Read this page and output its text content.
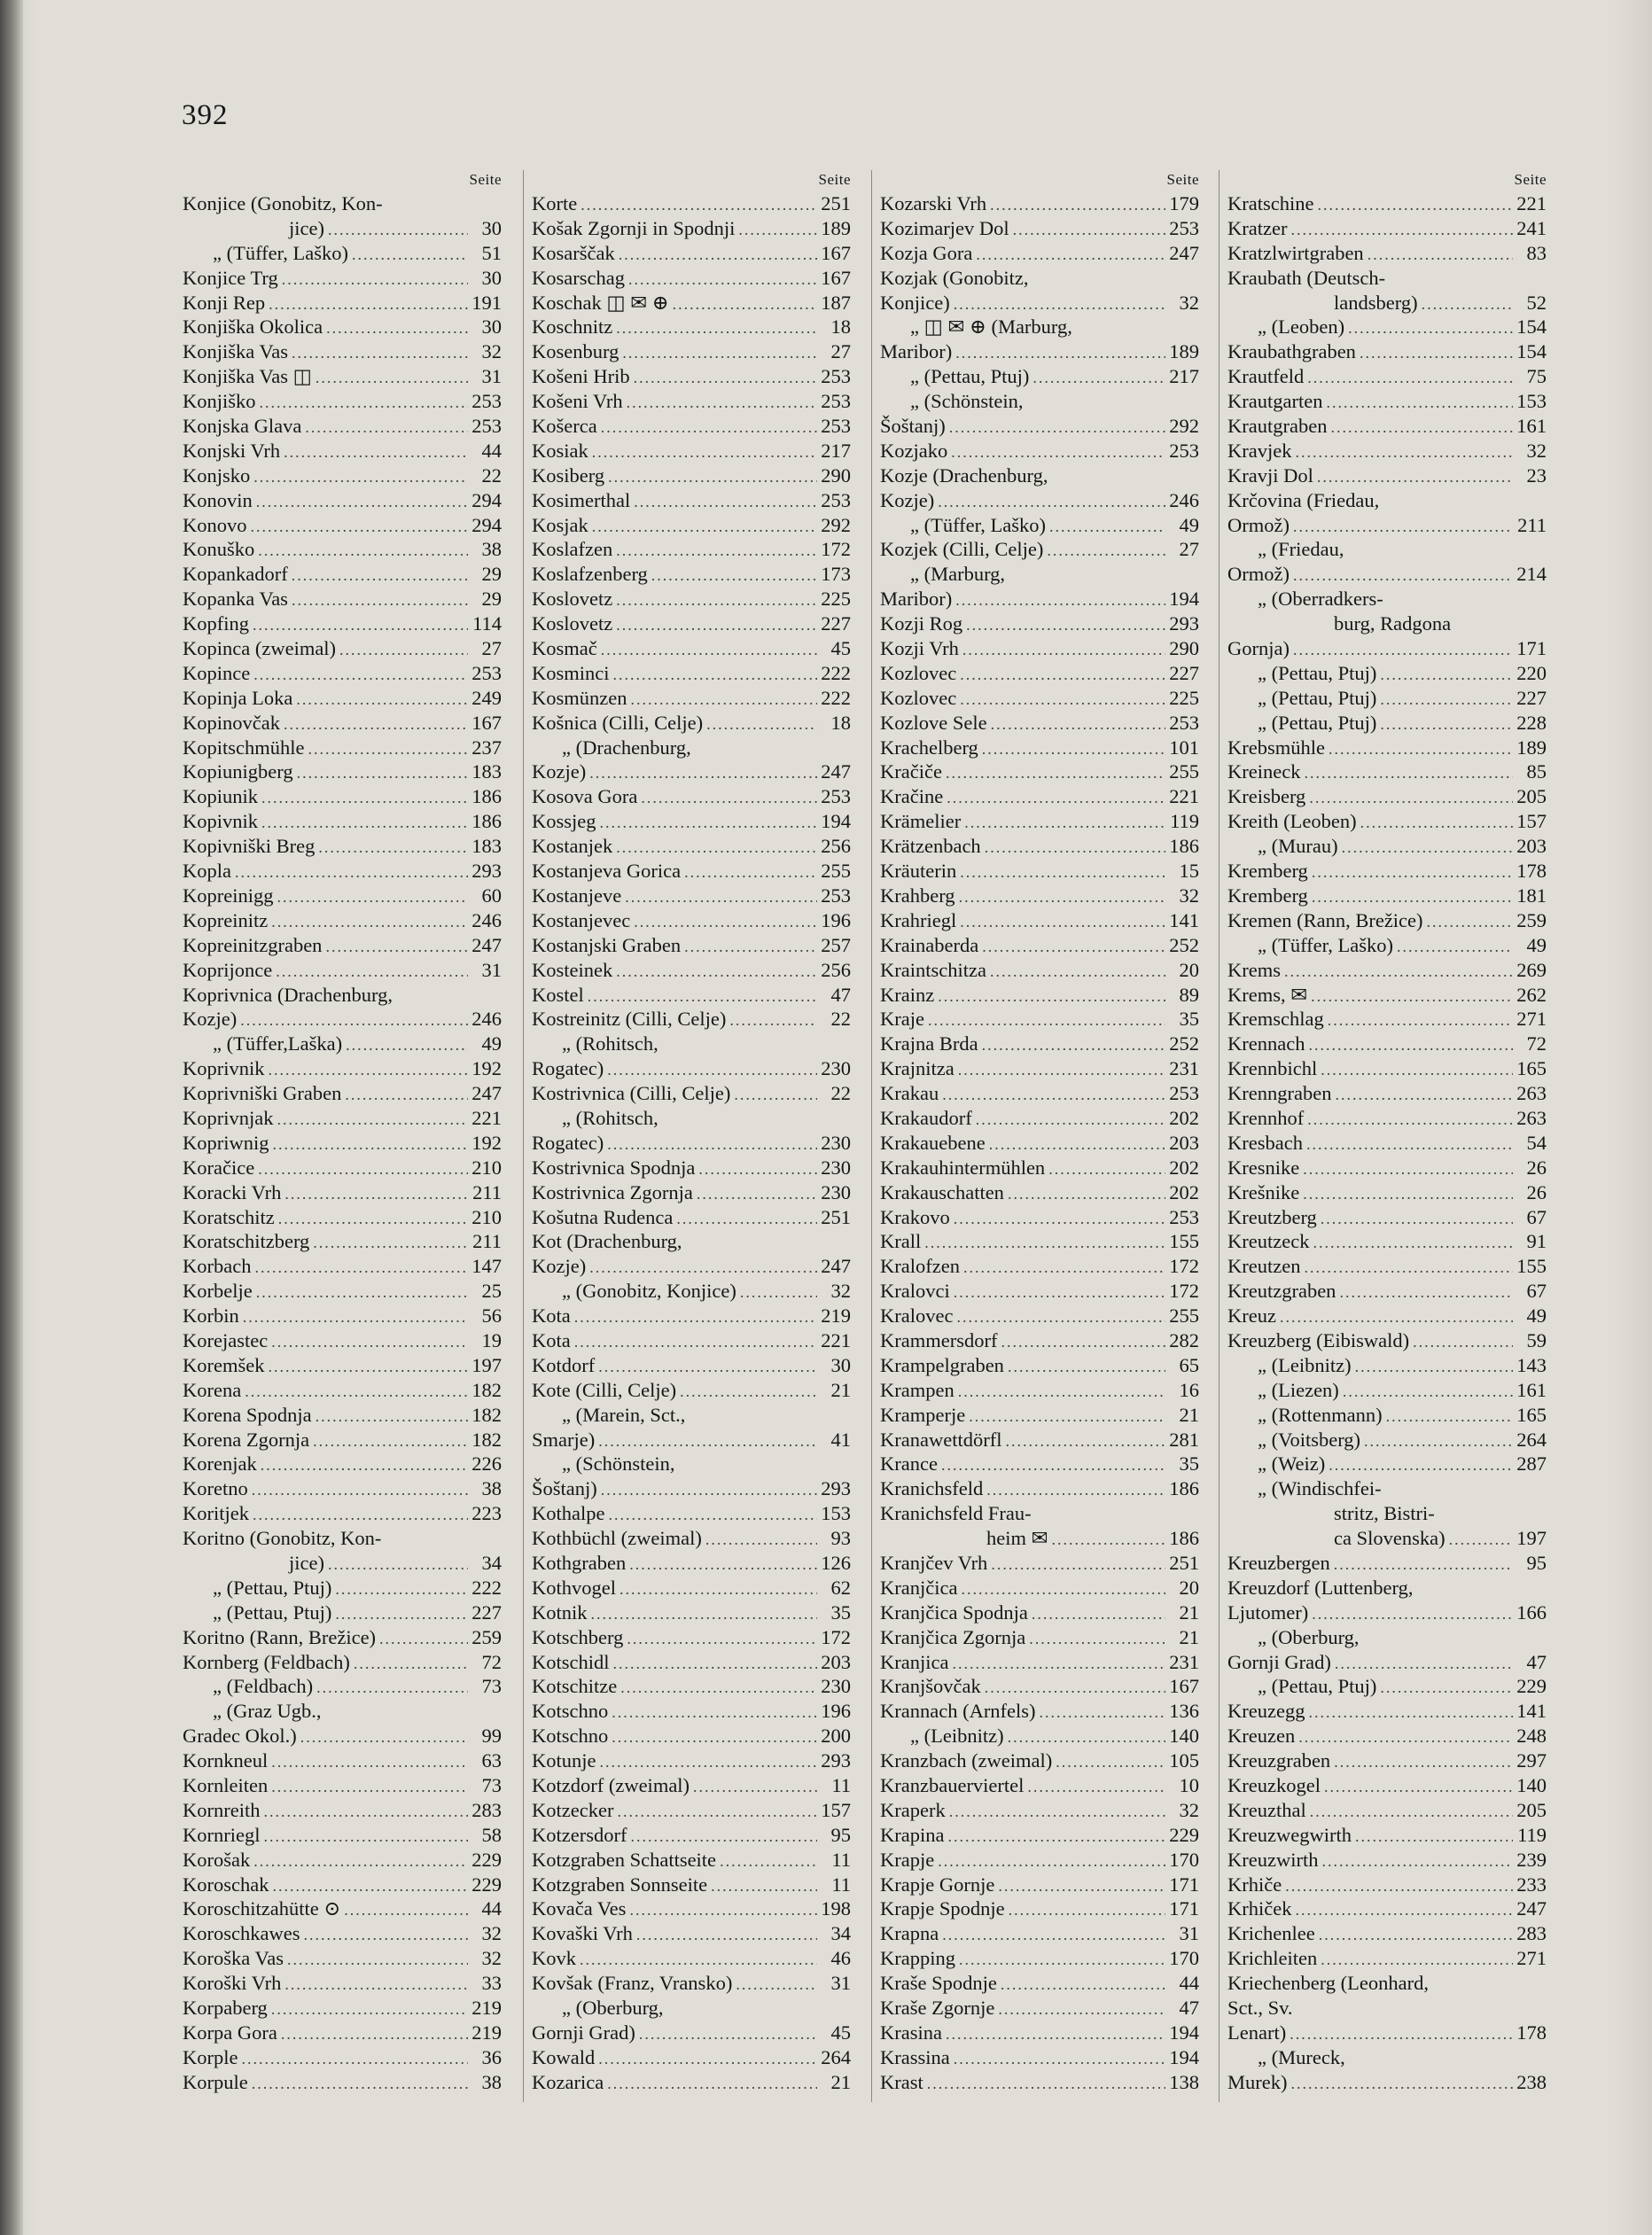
392
Seite
Konjice (Gonobitz, Kon-
jice) .....	30
„ (Tüffer, Laško) .....	51
Konjice Trg .....	30
Konji Rep .....	191
Konjiška Okolica .....	30
Konjiška Vas .....	32
Konjiška Vas ◫ .....	31
Konjiško .....	253
Konjska Glava .....	253
Konjski Vrh .....	44
Konjsko .....	22
Konovin .....	294
Konovo .....	294
Konuško .....	38
Kopankadorf .....	29
Kopanka Vas .....	29
Kopfing .....	114
Kopinca (zweimal) .....	27
Kopince .....	253
Kopinja Loka .....	249
Kopinovčak .....	167
Kopitschmühle .....	237
Kopiunigberg .....	183
Kopiunik .....	186
Kopivnik .....	186
Kopivniški Breg .....	183
Kopla .....	293
Kopreinigg .....	60
Kopreinitz .....	246
Kopreinitzgraben .....	247
Koprijonce .....	31
Koprivnica (Drachenburg,
Kozje) .....	246
„ (Tüffer,Laška) .....	49
Koprivnik .....	192
Koprivniški Graben .....	247
Koprivnjak .....	221
Kopriwnig .....	192
Koračice .....	210
Koracki Vrh .....	211
Koratschitz .....	210
Koratschitzberg .....	211
Korbach .....	147
Korbelje .....	25
Korbin .....	56
Korejastec .....	19
Koremšek .....	197
Korena .....	182
Korena Spodnja .....	182
Korena Zgornja .....	182
Korenjak .....	226
Koretno .....	38
Koritjek .....	223
Koritno (Gonobitz, Kon-
jice) .....	34
„ (Pettau, Ptuj) .....	222
„ (Pettau, Ptuj) .....	227
Koritno (Rann, Brežice) .....	259
Kornberg (Feldbach) .....	72
„ (Feldbach) .....	73
„ (Graz Ugb.,
Gradec Okol.) .....	99
Kornkneul .....	63
Kornleiten .....	73
Kornreith .....	283
Kornriegl .....	58
Korošak .....	229
Koroschak .....	229
Koroschitzahütte ⊙ .....	44
Koroschkawes .....	32
Koroška Vas .....	32
Koroški Vrh .....	33
Korpaberg .....	219
Korpa Gora .....	219
Korple .....	36
Korpule .....	38
Seite
Korte .....	251
Košak Zgornji in Spodnji .....	189
Kosarščak .....	167
Kosarschag .....	167
Koschak ◫ ✉ ⊕ .....	187
Koschnitz .....	18
Kosenburg .....	27
Košeni Hrib .....	253
Košeni Vrh .....	253
Košerca .....	253
Kosiak .....	217
Kosiberg .....	290
Kosimerthal .....	253
Kosjak .....	292
Koslafzen .....	172
Koslafzenberg .....	173
Koslovetz .....	225
Koslovetz .....	227
Kosmač .....	45
Kosminci .....	222
Kosmünzen .....	222
Košnica (Cilli, Celje) .....	18
„ (Drachenburg,
Kozje) .....	247
Kosova Gora .....	253
Kossjeg .....	194
Kostanjek .....	256
Kostanjeva Gorica .....	255
Kostanjeve .....	253
Kostanjevec .....	196
Kostanjski Graben .....	257
Kosteinek .....	256
Kostel .....	47
Kostreinitz (Cilli, Celje) .....	22
„ (Rohitsch,
Rogatec) .....	230
Kostrivnica (Cilli, Celje) .....	22
„ (Rohitsch,
Rogatec) .....	230
Kostrivnica Spodnja .....	230
Kostrivnica Zgornja .....	230
Košutna Rudenca .....	251
Kot (Drachenburg,
Kozje) .....	247
„ (Gonobitz, Konjice) .....	32
Kota .....	219
Kota .....	221
Kotdorf .....	30
Kote (Cilli, Celje) .....	21
„ (Marein, Sct.,
Smarje) .....	41
„ (Schönstein,
Šoštanj) .....	293
Kothalpe .....	153
Kothbüchl (zweimal) .....	93
Kothgraben .....	126
Kothvogel .....	62
Kotnik .....	35
Kotschberg .....	172
Kotschidl .....	203
Kotschitze .....	230
Kotschno .....	196
Kotschno .....	200
Kotunje .....	293
Kotzdorf (zweimal) .....	11
Kotzecker .....	157
Kotzersdorf .....	95
Kotzgraben Schattseite .....	11
Kotzgraben Sonnseite .....	11
Kovača Ves .....	198
Kovaški Vrh .....	34
Kovk .....	46
Kovšak (Franz, Vransko) .....	31
„ (Oberburg,
Gornji Grad) .....	45
Kowald .....	264
Kozarica .....	21
Seite
Kozarski Vrh .....	179
Kozimarjev Dol .....	253
Kozja Gora .....	247
Kozjak (Gonobitz,
Konjice) .....	32
„ ◫ ✉ ⊕ (Marburg,
Maribor) .....	189
„ (Pettau, Ptuj) .....	217
„ (Schönstein,
Šoštanj) .....	292
Kozjako .....	253
Kozje (Drachenburg,
Kozje) .....	246
„ (Tüffer, Laško) .....	49
Kozjek (Cilli, Celje) .....	27
„ (Marburg,
Maribor) .....	194
Kozji Rog .....	293
Kozji Vrh .....	290
Kozlovec .....	227
Kozlovec .....	225
Kozlove Sele .....	253
Krachelberg .....	101
Kračiče .....	255
Kračine .....	221
Krämelier .....	119
Krätzenbach .....	186
Kräuterin .....	15
Krahberg .....	32
Krahriegl .....	141
Krainaberda .....	252
Kraintschitza .....	20
Krainz .....	89
Kraje .....	35
Krajna Brda .....	252
Krajnitza .....	231
Krakau .....	253
Krakaudorf .....	202
Krakauebene .....	203
Krakauhintermühlen .....	202
Krakauschatten .....	202
Krakovo .....	253
Krall .....	155
Kralofzen .....	172
Kralovci .....	172
Kralovec .....	255
Krammersdorf .....	282
Krampelgraben .....	65
Krampen .....	16
Kramperje .....	21
Kranawettdörfl .....	281
Krance .....	35
Kranichsfeld .....	186
Kranichsfeld Frau-
heim ✉ .....	186
Kranjčev Vrh .....	251
Kranjčica .....	20
Kranjčica Spodnja .....	21
Kranjčica Zgornja .....	21
Kranjica .....	231
Kranjšovčak .....	167
Krannach (Arnfels) .....	136
„ (Leibnitz) .....	140
Kranzbach (zweimal) .....	105
Kranzbauerviertel .....	10
Kraperk .....	32
Krapina .....	229
Krapje .....	170
Krapje Gornje .....	171
Krapje Spodnje .....	171
Krapna .....	31
Krapping .....	170
Kraše Spodnje .....	44
Kraše Zgornje .....	47
Krasina .....	194
Krassina .....	194
Krast .....	138
Seite
Kratschine .....	221
Kratzer .....	241
Kratzlwirtgraben .....	83
Kraubath (Deutsch-
landsberg) .....	52
„ (Leoben) .....	154
Kraubathgraben .....	154
Krautfeld .....	75
Krautgarten .....	153
Krautgraben .....	161
Kravjek .....	32
Kravji Dol .....	23
Krčovina (Friedau,
Ormož) .....	211
„ (Friedau,
Ormož) .....	214
„ (Oberradkers-
burg, Radgona
Gornja) .....	171
„ (Pettau, Ptuj) .....	220
„ (Pettau, Ptuj) .....	227
„ (Pettau, Ptuj) .....	228
Krebsmühle .....	189
Kreineck .....	85
Kreisberg .....	205
Kreith (Leoben) .....	157
„ (Murau) .....	203
Kremberg .....	178
Kremberg .....	181
Kremen (Rann, Brežice) .....	259
„ (Tüffer, Laško) .....	49
Krems .....	269
Krems, ✉ .....	262
Kremschlag .....	271
Krennach .....	72
Krennbichl .....	165
Krenngraben .....	263
Krennhof .....	263
Kresbach .....	54
Kresnike .....	26
Krešnike .....	26
Kreutzberg .....	67
Kreutzeck .....	91
Kreutzen .....	155
Kreutzgraben .....	67
Kreuz .....	49
Kreuzberg (Eibiswald) .....	59
„ (Leibnitz) .....	143
„ (Liezen) .....	161
„ (Rottenmann) .....	165
„ (Voitsberg) .....	264
„ (Weiz) .....	287
„ (Windischfei-
stritz, Bistri-
ca Slovenska) .....	197
Kreuzbergen .....	95
Kreuzdorf (Luttenberg,
Ljutomer) .....	166
„ (Oberburg,
Gornji Grad) .....	47
„ (Pettau, Ptuj) .....	229
Kreuzegg .....	141
Kreuzen .....	248
Kreuzgraben .....	297
Kreuzkogel .....	140
Kreuzthal .....	205
Kreuzwegwirth .....	119
Kreuzwirth .....	239
Krhiče .....	233
Krhiček .....	247
Krichenlee .....	283
Krichleiten .....	271
Kriechenberg (Leonhard,
Sct., Sv.
Lenart) .....	178
„ (Mureck,
Murek) .....	238
